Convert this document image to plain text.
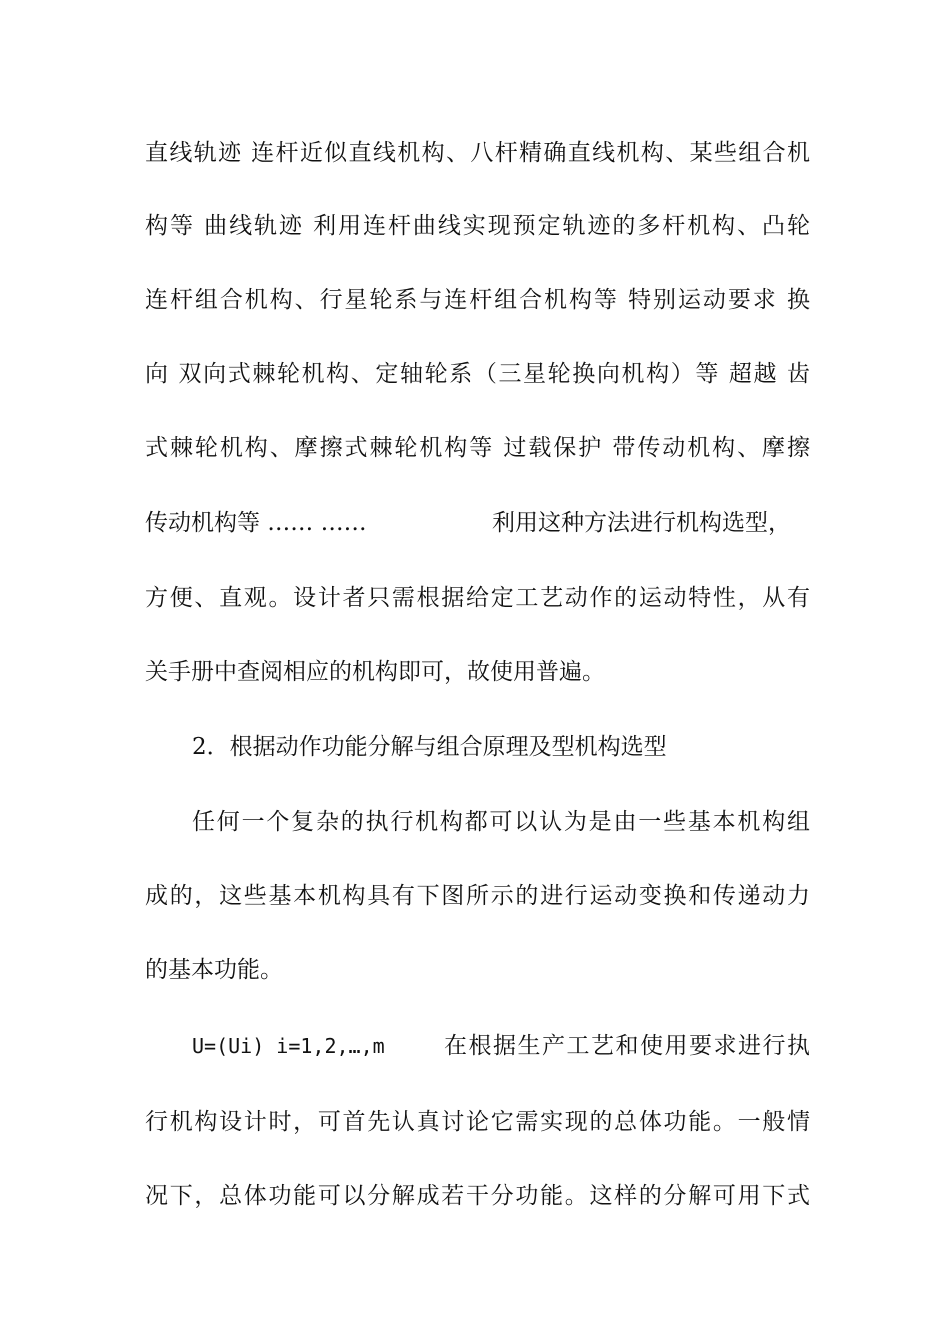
直线轨迹 连杆近似直线机构、八杆精确直线机构、某些组合机
构等 曲线轨迹 利用连杆曲线实现预定轨迹的多杆机构、凸轮
连杆组合机构、行星轮系与连杆组合机构等 特别运动要求 换
向 双向式棘轮机构、定轴轮系（三星轮换向机构）等 超越 齿
式棘轮机构、摩擦式棘轮机构等 过载保护 带传动机构、摩擦
传动机构等 …… ……	利用这种方法进行机构选型，
方便、直观。设计者只需根据给定工艺动作的运动特性，从有
关手册中查阅相应的机构即可，故使用普遍。
2．根据动作功能分解与组合原理及型机构选型
任何一个复杂的执行机构都可以认为是由一些基本机构组
成的，这些基本机构具有下图所示的进行运动变换和传递动力
的基本功能。
U=(Ui) i=1,2,…,m	在根据生产工艺和使用要求进行执
行机构设计时，可首先认真讨论它需实现的总体功能。一般情
况下，总体功能可以分解成若干分功能。这样的分解可用下式
